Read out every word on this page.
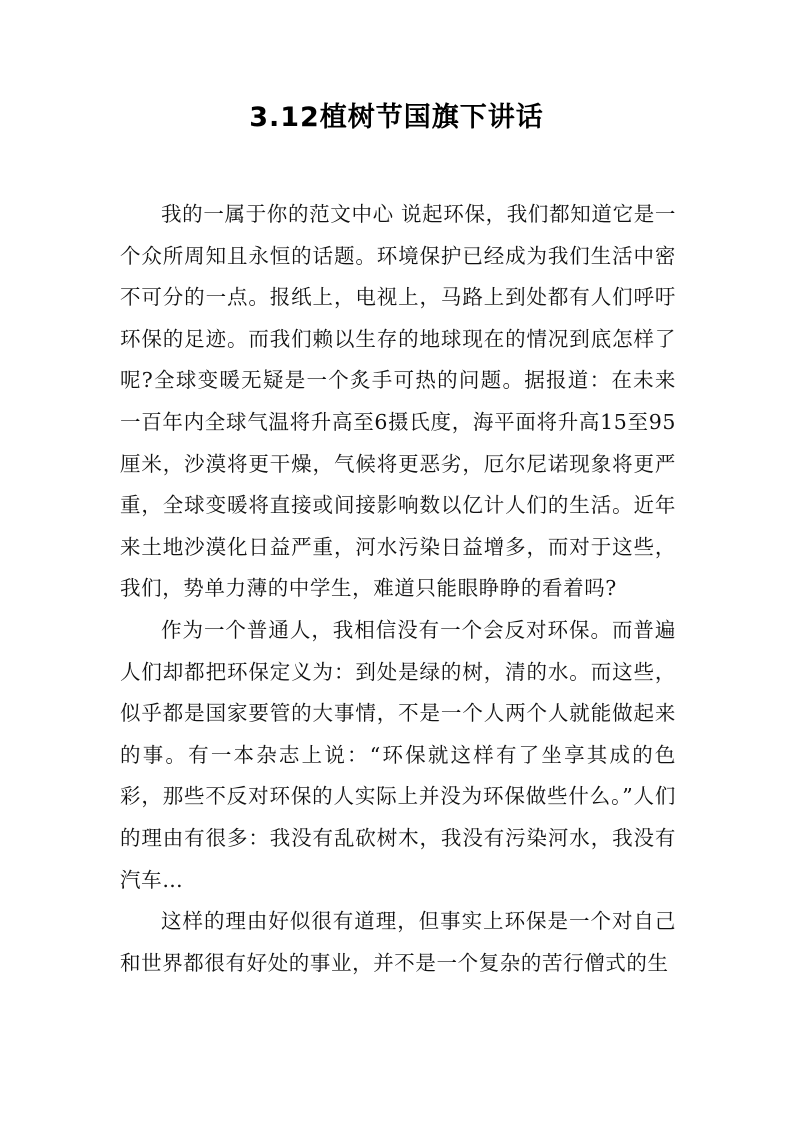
3.12植树节国旗下讲话

我的一属于你的范文中心 说起环保，我们都知道它是一个众所周知且永恒的话题。环境保护已经成为我们生活中密不可分的一点。报纸上，电视上，马路上到处都有人们呼吁环保的足迹。而我们赖以生存的地球现在的情况到底怎样了呢?全球变暖无疑是一个炙手可热的问题。据报道：在未来一百年内全球气温将升高至6摄氏度，海平面将升高15至95厘米，沙漠将更干燥，气候将更恶劣，厄尔尼诺现象将更严重，全球变暖将直接或间接影响数以亿计人们的生活。近年来土地沙漠化日益严重，河水污染日益增多，而对于这些，我们，势单力薄的中学生，难道只能眼睁睁的看着吗?

作为一个普通人，我相信没有一个会反对环保。而普遍人们却都把环保定义为：到处是绿的树，清的水。而这些，似乎都是国家要管的大事情，不是一个人两个人就能做起来的事。有一本杂志上说：“环保就这样有了坐享其成的色彩，那些不反对环保的人实际上并没为环保做些什么。”人们的理由有很多：我没有乱砍树木，我没有污染河水，我没有汽车…

这样的理由好似很有道理，但事实上环保是一个对自己和世界都很有好处的事业，并不是一个复杂的苦行僧式的生
